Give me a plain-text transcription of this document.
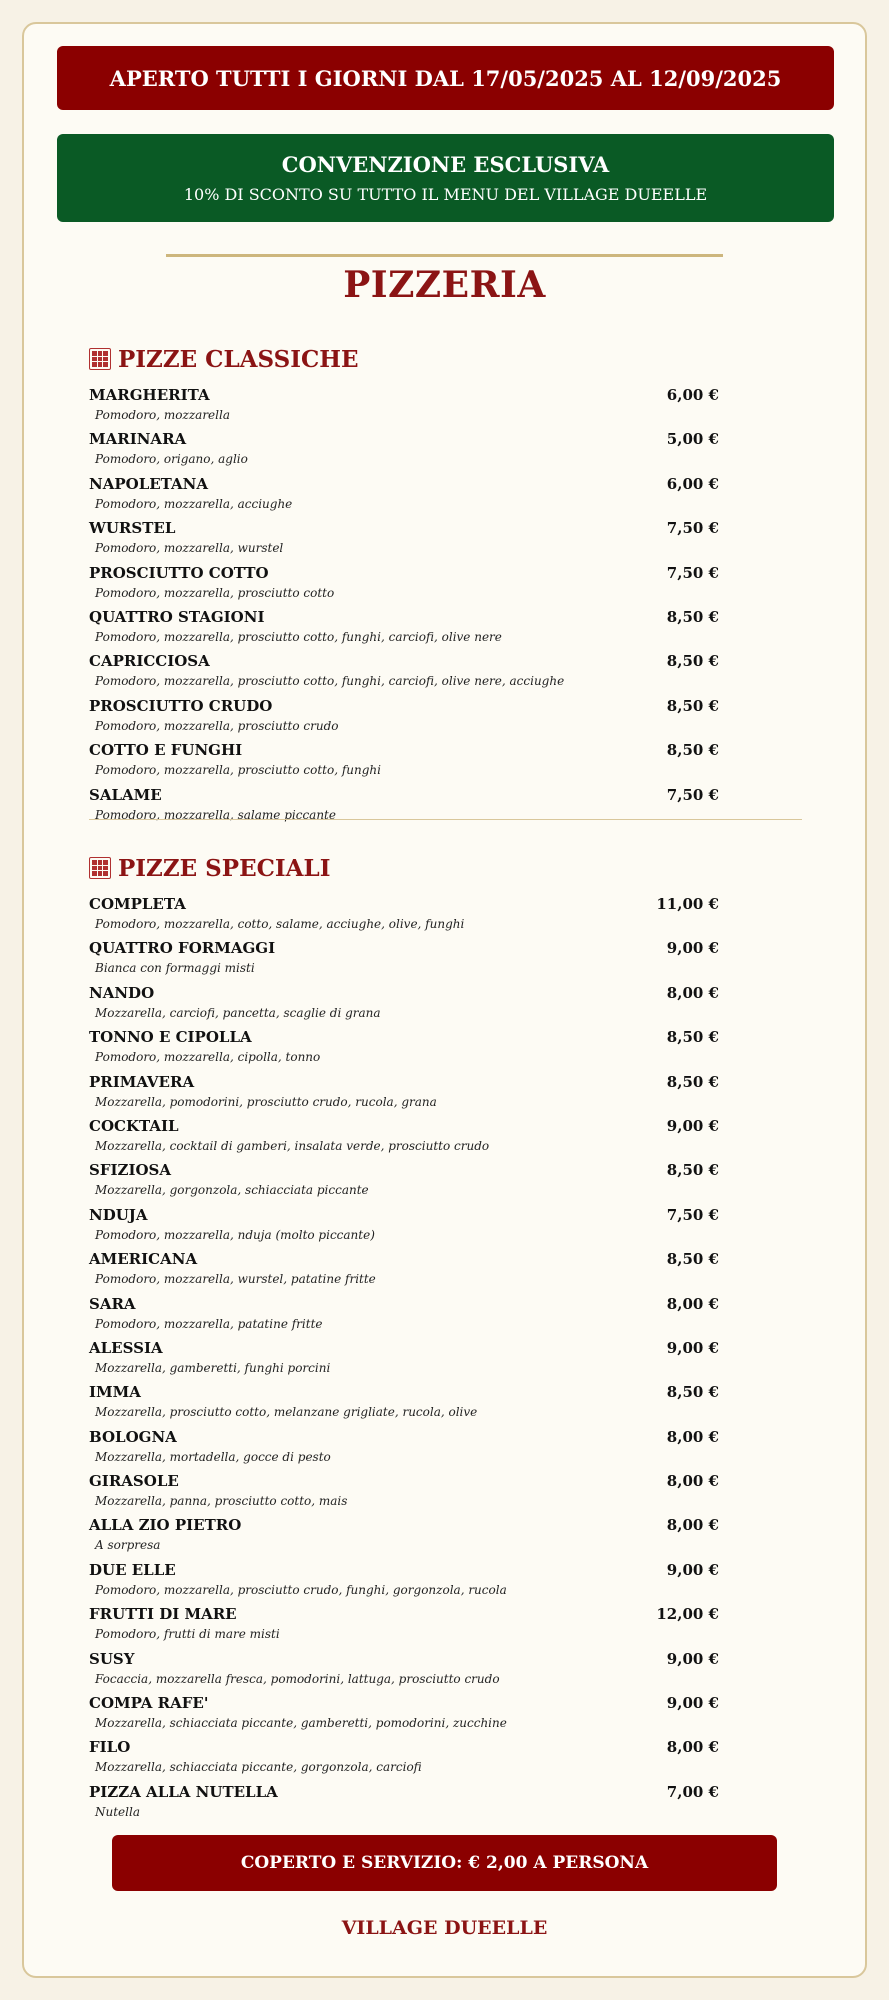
APERTO TUTTI I GIORNI DAL 17/05/2025 AL 12/09/2025
CONVENZIONE ESCLUSIVA
10% DI SCONTO SU TUTTO IL MENU DEL VILLAGE DUEELLE
PIZZERIA
PIZZE CLASSICHE
MARGHERITA
Pomodoro, mozzarella
6,00 €
MARINARA
Pomodoro, origano, aglio
5,00 €
NAPOLETANA
Pomodoro, mozzarella, acciughe
6,00 €
WURSTEL
Pomodoro, mozzarella, wurstel
7,50 €
PROSCIUTTO COTTO
Pomodoro, mozzarella, prosciutto cotto
7,50 €
QUATTRO STAGIONI
Pomodoro, mozzarella, prosciutto cotto, funghi, carciofi, olive nere
8,50 €
CAPRICCIOSA
Pomodoro, mozzarella, prosciutto cotto, funghi, carciofi, olive nere, acciughe
8,50 €
PROSCIUTTO CRUDO
Pomodoro, mozzarella, prosciutto crudo
8,50 €
COTTO E FUNGHI
Pomodoro, mozzarella, prosciutto cotto, funghi
8,50 €
SALAME
Pomodoro, mozzarella, salame piccante
7,50 €
PIZZE SPECIALI
COMPLETA
Pomodoro, mozzarella, cotto, salame, acciughe, olive, funghi
11,00 €
QUATTRO FORMAGGI
Bianca con formaggi misti
9,00 €
NANDO
Mozzarella, carciofi, pancetta, scaglie di grana
8,00 €
TONNO E CIPOLLA
Pomodoro, mozzarella, cipolla, tonno
8,50 €
PRIMAVERA
Mozzarella, pomodorini, prosciutto crudo, rucola, grana
8,50 €
COCKTAIL
Mozzarella, cocktail di gamberi, insalata verde, prosciutto crudo
9,00 €
SFIZIOSA
Mozzarella, gorgonzola, schiacciata piccante
8,50 €
NDUJA
Pomodoro, mozzarella, nduja (molto piccante)
7,50 €
AMERICANA
Pomodoro, mozzarella, wurstel, patatine fritte
8,50 €
SARA
Pomodoro, mozzarella, patatine fritte
8,00 €
ALESSIA
Mozzarella, gamberetti, funghi porcini
9,00 €
IMMA
Mozzarella, prosciutto cotto, melanzane grigliate, rucola, olive
8,50 €
BOLOGNA
Mozzarella, mortadella, gocce di pesto
8,00 €
GIRASOLE
Mozzarella, panna, prosciutto cotto, mais
8,00 €
ALLA ZIO PIETRO
A sorpresa
8,00 €
DUE ELLE
Pomodoro, mozzarella, prosciutto crudo, funghi, gorgonzola, rucola
9,00 €
FRUTTI DI MARE
Pomodoro, frutti di mare misti
12,00 €
SUSY
Focaccia, mozzarella fresca, pomodorini, lattuga, prosciutto crudo
9,00 €
COMPA RAFE'
Mozzarella, schiacciata piccante, gamberetti, pomodorini, zucchine
9,00 €
FILO
Mozzarella, schiacciata piccante, gorgonzola, carciofi
8,00 €
PIZZA ALLA NUTELLA
Nutella
7,00 €
COPERTO E SERVIZIO: € 2,00 A PERSONA
VILLAGE DUEELLE
